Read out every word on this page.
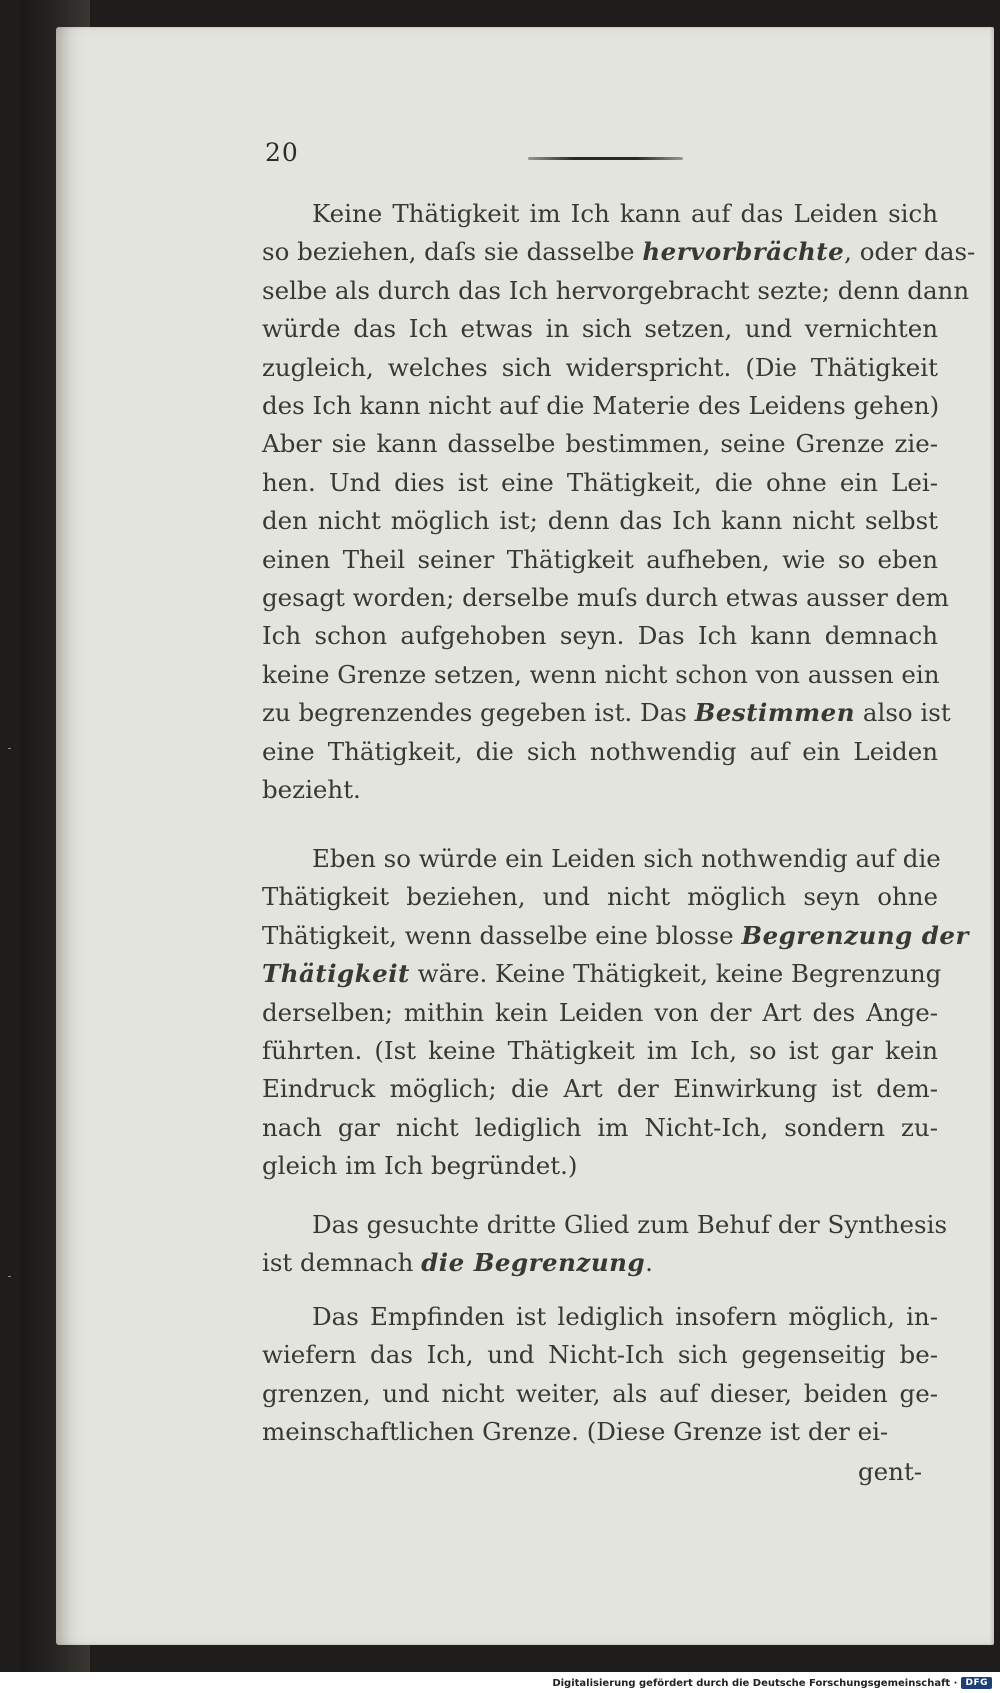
20
Keine Thätigkeit im Ich kann auf das Leiden sich
so beziehen, daſs sie dasselbe hervorbrächte, oder das-
selbe als durch das Ich hervorgebracht sezte; denn dann
würde das Ich etwas in sich setzen, und vernichten
zugleich, welches sich widerspricht. (Die Thätigkeit
des Ich kann nicht auf die Materie des Leidens gehen)
Aber sie kann dasselbe bestimmen, seine Grenze zie-
hen. Und dies ist eine Thätigkeit, die ohne ein Lei-
den nicht möglich ist; denn das Ich kann nicht selbst
einen Theil seiner Thätigkeit aufheben, wie so eben
gesagt worden; derselbe muſs durch etwas ausser dem
Ich schon aufgehoben seyn. Das Ich kann demnach
keine Grenze setzen, wenn nicht schon von aussen ein
zu begrenzendes gegeben ist. Das Bestimmen also ist
eine Thätigkeit, die sich nothwendig auf ein Leiden
bezieht.
Eben so würde ein Leiden sich nothwendig auf die
Thätigkeit beziehen, und nicht möglich seyn ohne
Thätigkeit, wenn dasselbe eine blosse Begrenzung der
Thätigkeit wäre. Keine Thätigkeit, keine Begrenzung
derselben; mithin kein Leiden von der Art des Ange-
führten. (Ist keine Thätigkeit im Ich, so ist gar kein
Eindruck möglich; die Art der Einwirkung ist dem-
nach gar nicht lediglich im Nicht-Ich, sondern zu-
gleich im Ich begründet.)
Das gesuchte dritte Glied zum Behuf der Synthesis
ist demnach die Begrenzung.
Das Empfinden ist lediglich insofern möglich, in-
wiefern das Ich, und Nicht-Ich sich gegenseitig be-
grenzen, und nicht weiter, als auf dieser, beiden ge-
meinschaftlichen Grenze. (Diese Grenze ist der ei-
gent-
Digitalisierung gefördert durch die Deutsche Forschungsgemeinschaft · DFG
